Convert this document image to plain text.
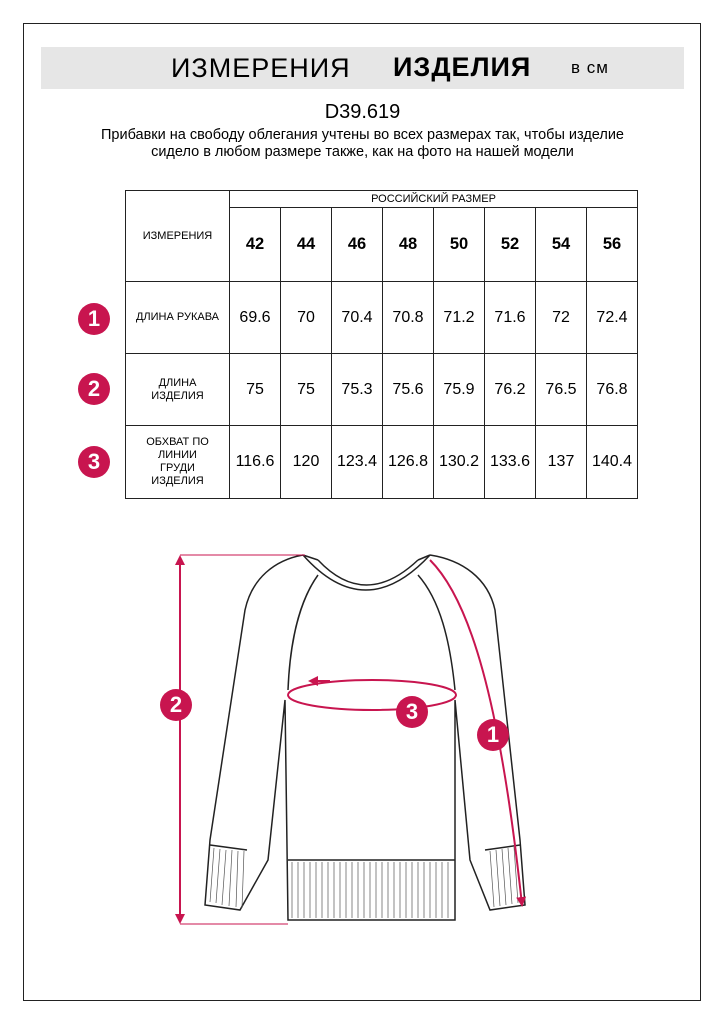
ИЗМЕРЕНИЯ ИЗДЕЛИЯ в см
D39.619
Прибавки на свободу облегания учтены во всех размерах так, чтобы изделие сидело в любом размере также, как на фото на нашей модели
ИЗМЕРЕНИЯ	РОССИЙСКИЙ РАЗМЕР							
	42	44	46	48	50	52	54	56
ДЛИНА РУКАВА	69.6	70	70.4	70.8	71.2	71.6	72	72.4
ДЛИНА ИЗДЕЛИЯ	75	75	75.3	75.6	75.9	76.2	76.5	76.8
ОБХВАТ ПО ЛИНИИ ГРУДИ ИЗДЕЛИЯ	116.6	120	123.4	126.8	130.2	133.6	137	140.4
1
2
3
2	3
1
